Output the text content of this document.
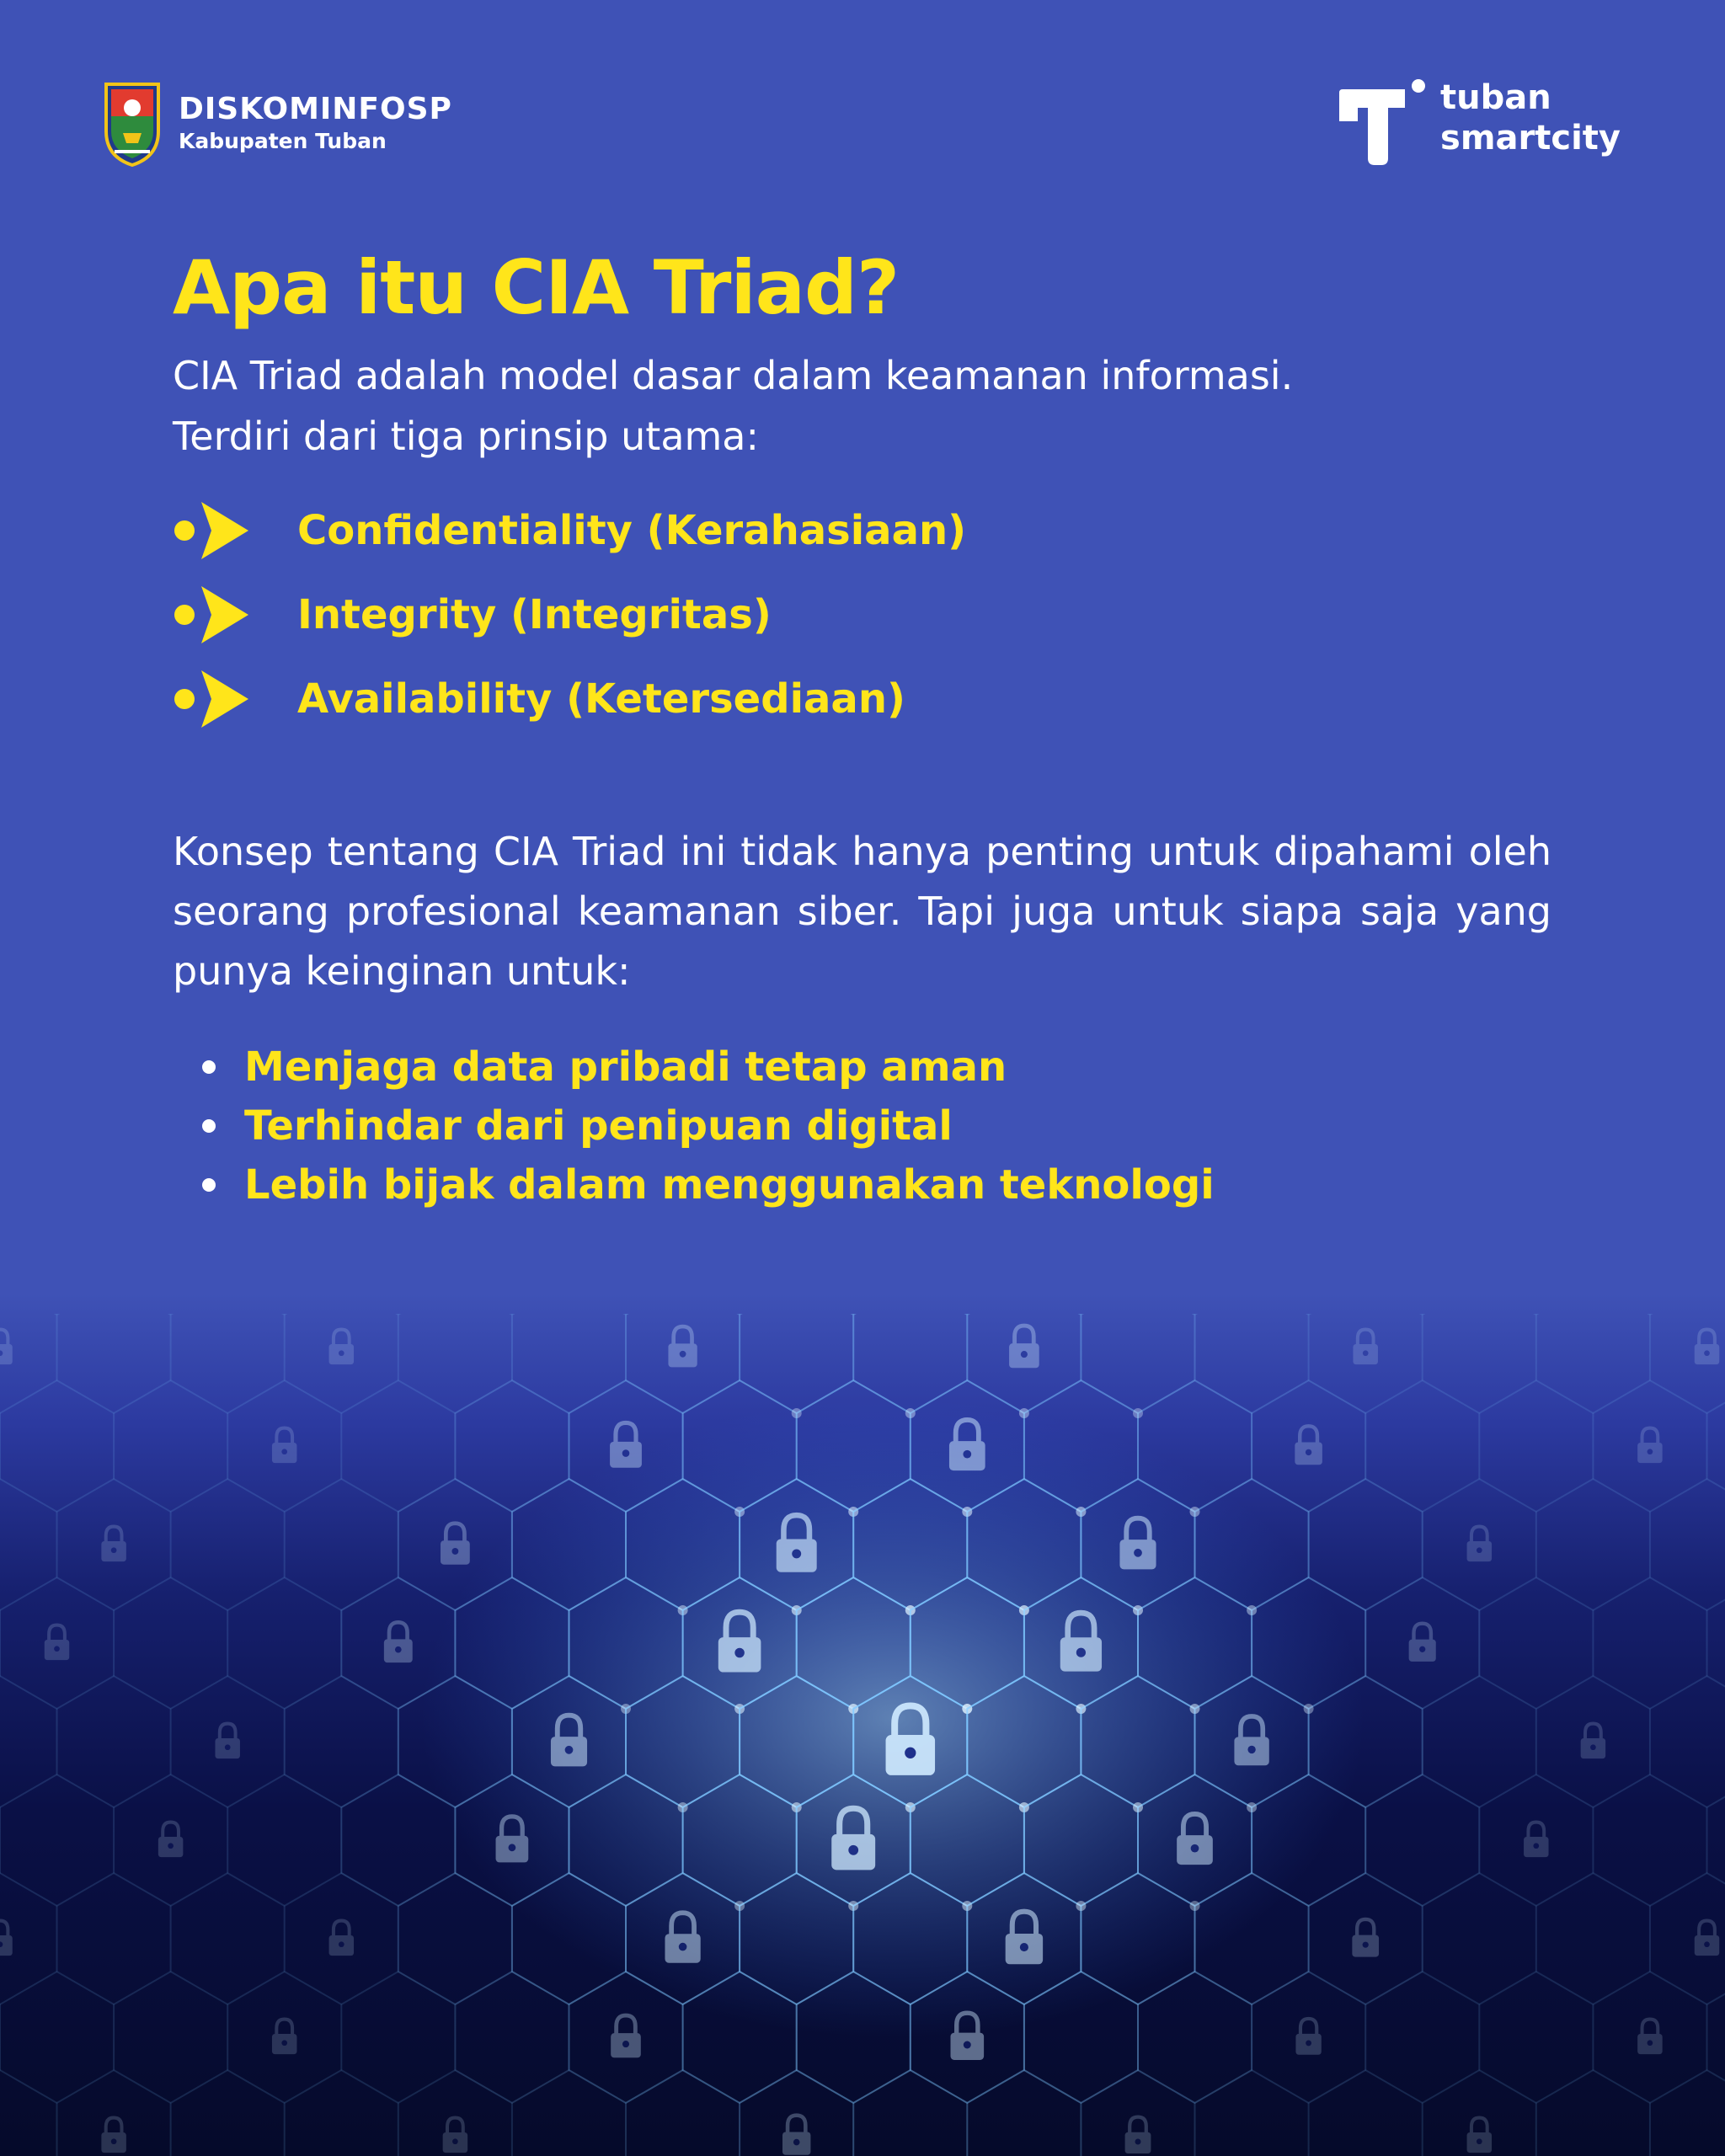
DISKOMINFOSP
Kabupaten Tuban
tuban
smartcity
Apa itu CIA Triad?
CIA Triad adalah model dasar dalam keamanan informasi.
Terdiri dari tiga prinsip utama:
Confidentiality (Kerahasiaan)
Integrity (Integritas)
Availability (Ketersediaan)
Konsep tentang CIA Triad ini tidak hanya penting untuk dipahami oleh seorang profesional keamanan siber. Tapi juga untuk siapa saja yang punya keinginan untuk:
Menjaga data pribadi tetap aman
Terhindar dari penipuan digital
Lebih bijak dalam menggunakan teknologi
